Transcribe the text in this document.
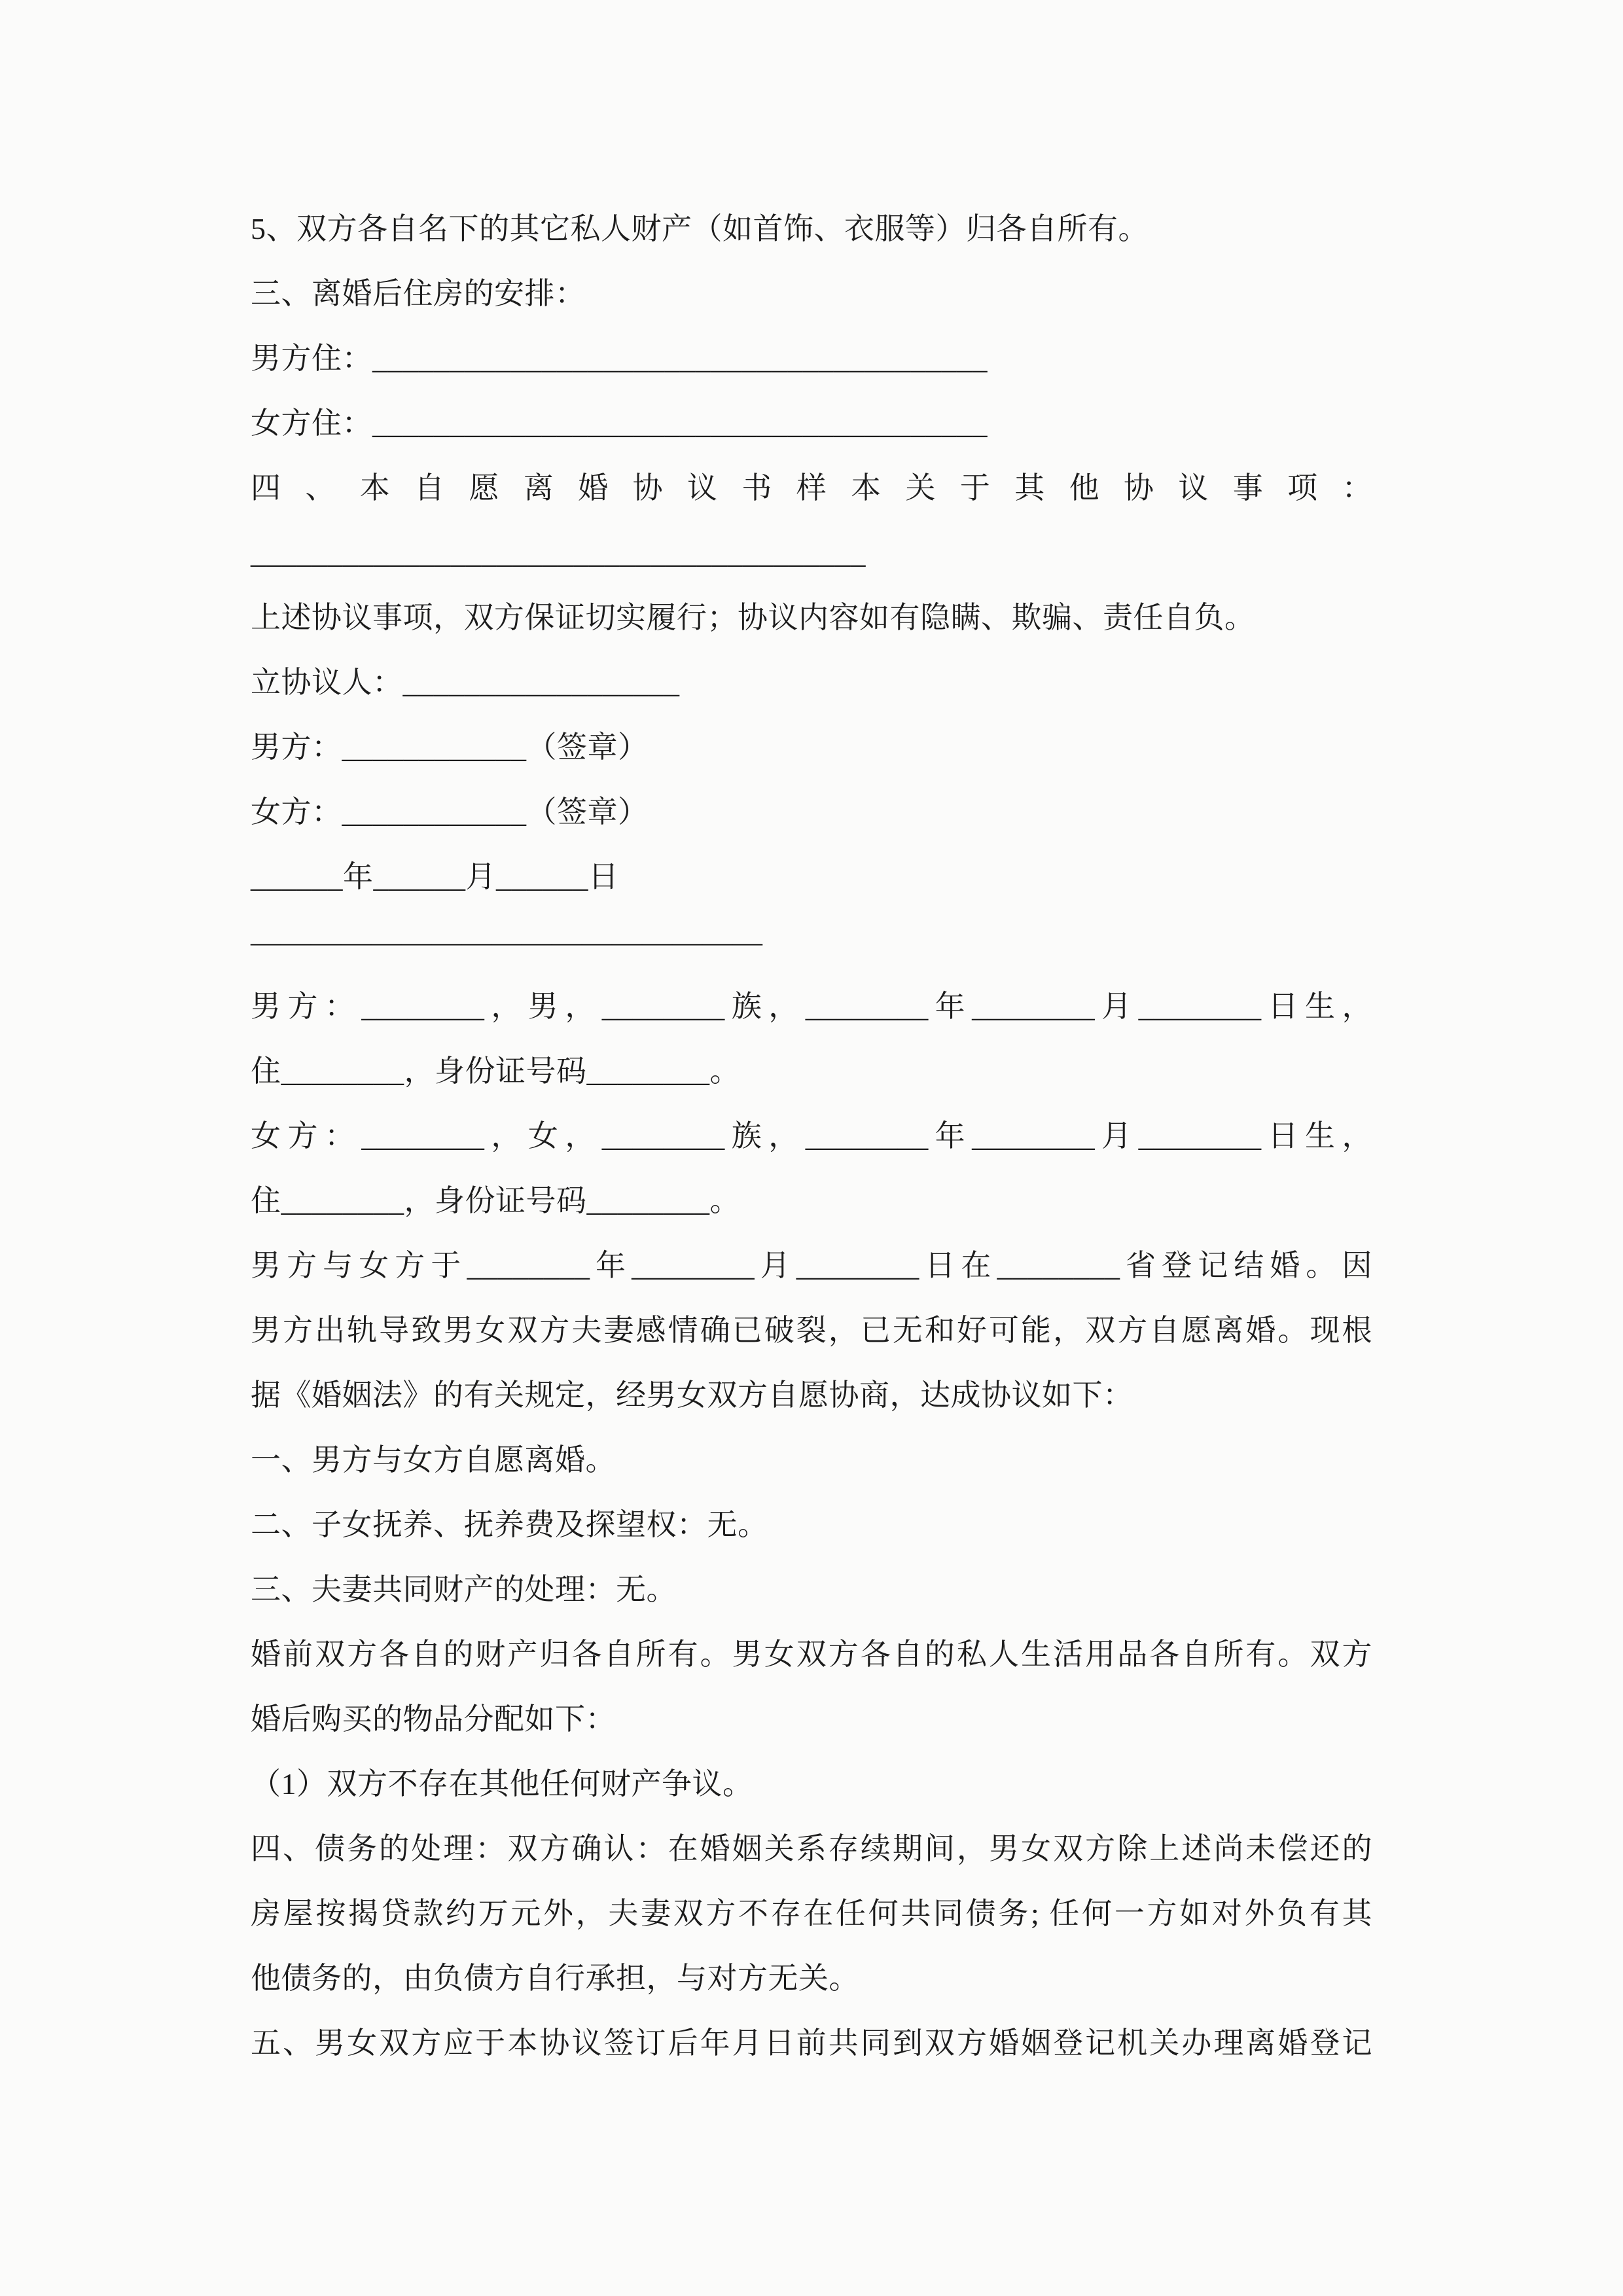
5、双方各自名下的其它私人财产（如首饰、衣服等）归各自所有。
三、离婚后住房的安排：
男方住：________________________________________
女方住：________________________________________
四、本自愿离婚协议书样本关于其他协议事项：
________________________________________
上述协议事项，双方保证切实履行；协议内容如有隐瞒、欺骗、责任自负。
立协议人：__________________
男方：____________（签章）
女方：____________（签章）
______年______月______日
—————————————————
男方：________，男，________族，________年________月________日生，
住________，身份证号码________。
女方：________，女，________族，________年________月________日生，
住________，身份证号码________。
男方与女方于________年________月________日在________省登记结婚。因
男方出轨导致男女双方夫妻感情确已破裂，已无和好可能，双方自愿离婚。现根
据《婚姻法》的有关规定，经男女双方自愿协商，达成协议如下：
一、男方与女方自愿离婚。
二、子女抚养、抚养费及探望权：无。
三、夫妻共同财产的处理：无。
婚前双方各自的财产归各自所有。男女双方各自的私人生活用品各自所有。双方
婚后购买的物品分配如下：
（1）双方不存在其他任何财产争议。
四、债务的处理：双方确认：在婚姻关系存续期间，男女双方除上述尚未偿还的
房屋按揭贷款约万元外，夫妻双方不存在任何共同债务; 任何一方如对外负有其
他债务的，由负债方自行承担，与对方无关。
五、男女双方应于本协议签订后年月日前共同到双方婚姻登记机关办理离婚登记
